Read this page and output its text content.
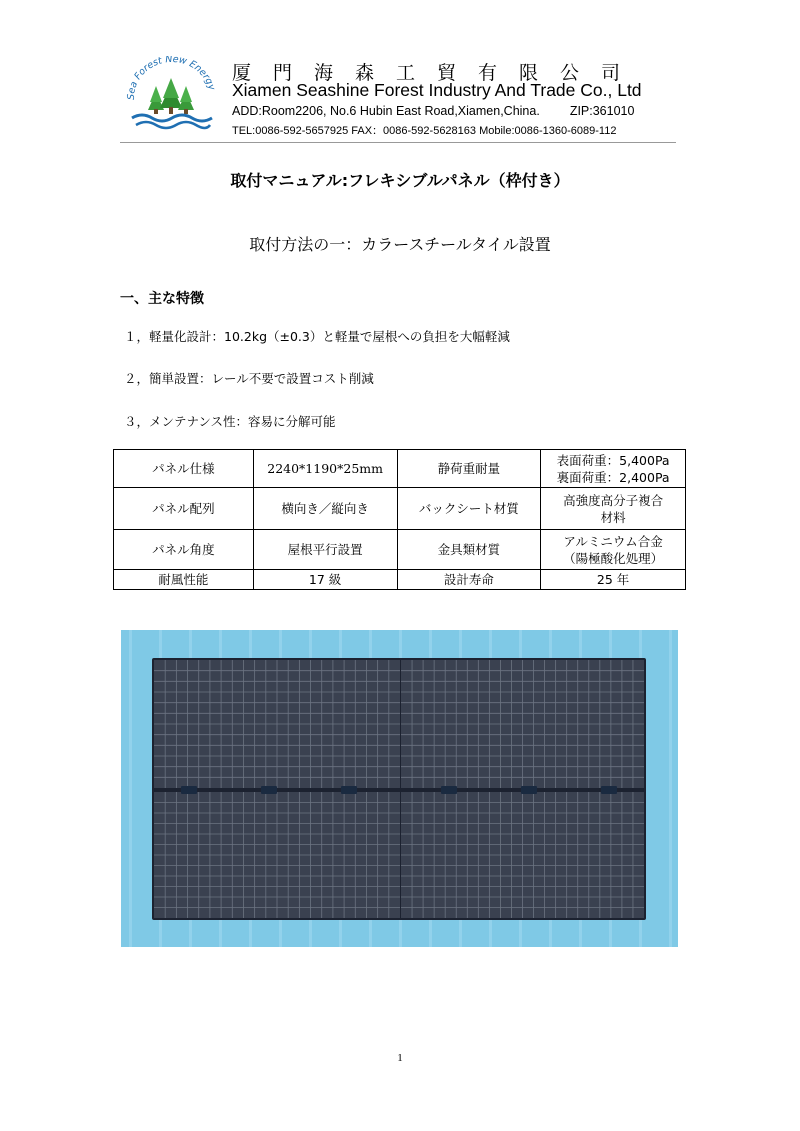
Sea Forest New Energy
厦門海森工貿有限公司
Xiamen Seashine Forest Industry And Trade Co., Ltd
ADD:Room2206, No.6 Hubin East Road,Xiamen,China. ZIP:361010
TEL:0086-592-5657925 FAX：0086-592-5628163 Mobile:0086-1360-6089-112
取付マニュアル:フレキシブルパネル（枠付き）
取付方法の一：カラースチールタイル設置
一、主な特徴
１，軽量化設計：10.2kg（±0.3）と軽量で屋根への負担を大幅軽減
２，簡単設置：レール不要で設置コスト削減
３，メンテナンス性：容易に分解可能
パネル仕様	2240*1190*25mm	静荷重耐量	表面荷重：5,400Pa
裏面荷重：2,400Pa

パネル配列	横向き／縦向き	バックシート材質	高強度高分子複合
材料

パネル角度	屋根平行設置	金具類材質	アルミニウム合金
（陽極酸化処理）

耐風性能	17 級	設計寿命	25 年
1
